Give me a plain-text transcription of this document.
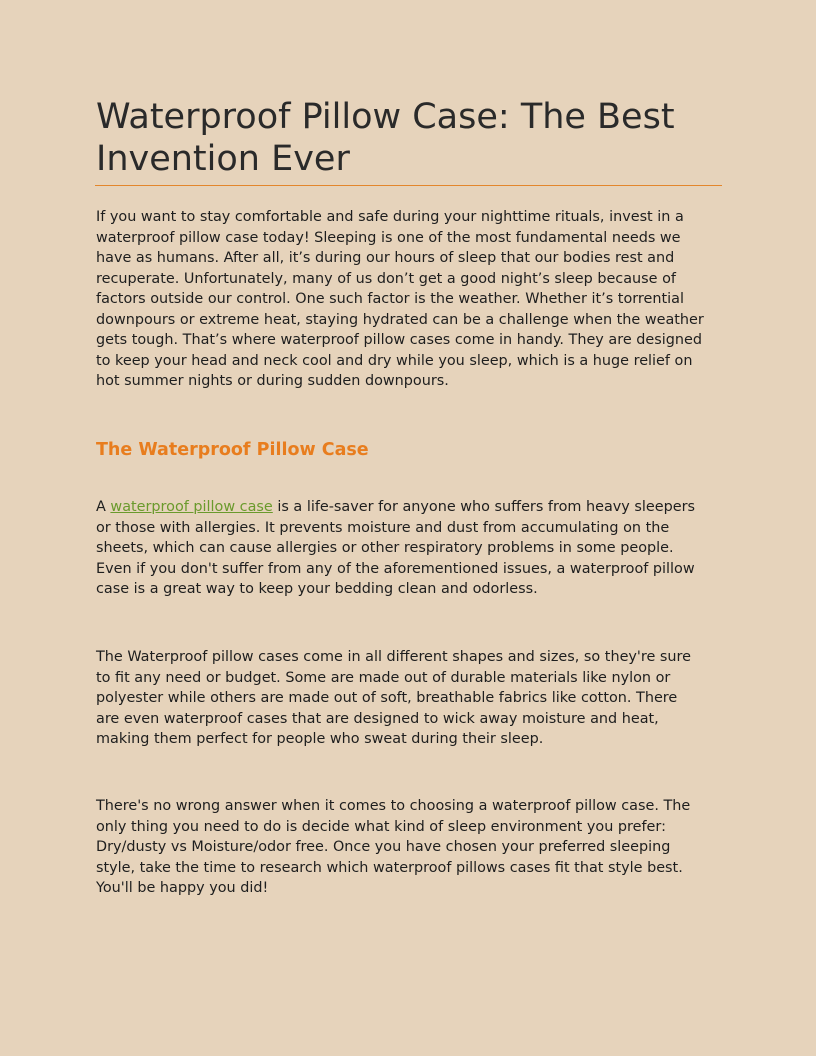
Waterproof Pillow Case: The Best
Invention Ever

If you want to stay comfortable and safe during your nighttime rituals, invest in a
waterproof pillow case today! Sleeping is one of the most fundamental needs we
have as humans. After all, it’s during our hours of sleep that our bodies rest and
recuperate. Unfortunately, many of us don’t get a good night’s sleep because of
factors outside our control. One such factor is the weather. Whether it’s torrential
downpours or extreme heat, staying hydrated can be a challenge when the weather
gets tough. That’s where waterproof pillow cases come in handy. They are designed
to keep your head and neck cool and dry while you sleep, which is a huge relief on
hot summer nights or during sudden downpours.

The Waterproof Pillow Case

A waterproof pillow case is a life-saver for anyone who suffers from heavy sleepers
or those with allergies. It prevents moisture and dust from accumulating on the
sheets, which can cause allergies or other respiratory problems in some people.
Even if you don't suffer from any of the aforementioned issues, a waterproof pillow
case is a great way to keep your bedding clean and odorless.

The Waterproof pillow cases come in all different shapes and sizes, so they're sure
to fit any need or budget. Some are made out of durable materials like nylon or
polyester while others are made out of soft, breathable fabrics like cotton. There
are even waterproof cases that are designed to wick away moisture and heat,
making them perfect for people who sweat during their sleep.

There's no wrong answer when it comes to choosing a waterproof pillow case. The
only thing you need to do is decide what kind of sleep environment you prefer:
Dry/dusty vs Moisture/odor free. Once you have chosen your preferred sleeping
style, take the time to research which waterproof pillows cases fit that style best.
You'll be happy you did!
